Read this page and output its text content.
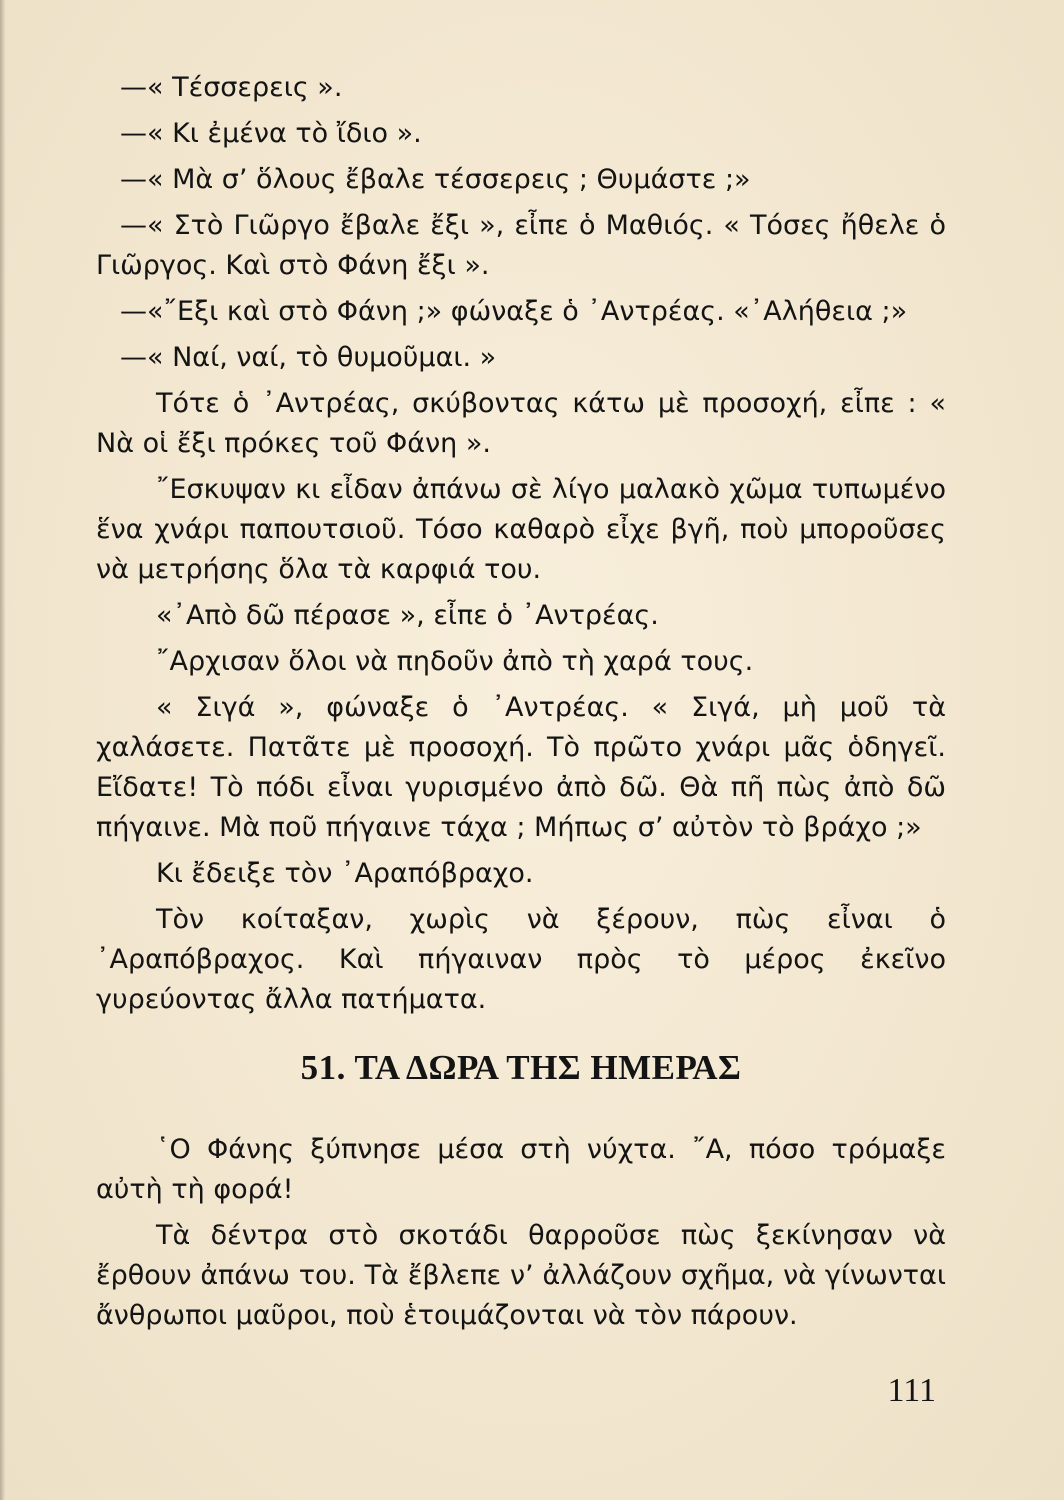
—« Τέσσερεις ».

—« Κι ἐμένα τὸ ἴδιο ».

—« Μὰ σ’ ὅλους ἔβαλε τέσσερεις ; Θυμάστε ;»

—« Στὸ Γιῶργο ἔβαλε ἔξι », εἶπε ὁ Μαθιός. « Τόσες ἤθελε ὁ Γιῶργος. Καὶ στὸ Φάνη ἔξι ».

—«῎Εξι καὶ στὸ Φάνη ;» φώναξε ὁ ᾽Αντρέας. «᾽Αλήθεια ;»

—« Ναί, ναί, τὸ θυμοῦμαι. »

Τότε ὁ ᾽Αντρέας, σκύβοντας κάτω μὲ προσοχή, εἶπε : « Νὰ οἱ ἔξι πρόκες τοῦ Φάνη ».

῎Εσκυψαν κι εἶδαν ἀπάνω σὲ λίγο μαλακὸ χῶμα τυπωμένο ἕνα χνάρι παπουτσιοῦ. Τόσο καθαρὸ εἶχε βγῆ, ποὺ μποροῦσες νὰ μετρήσης ὅλα τὰ καρφιά του.

«᾽Απὸ δῶ πέρασε », εἶπε ὁ ᾽Αντρέας.

῎Αρχισαν ὅλοι νὰ πηδοῦν ἀπὸ τὴ χαρά τους.

« Σιγά », φώναξε ὁ ᾽Αντρέας. « Σιγά, μὴ μοῦ τὰ χαλάσετε. Πατᾶτε μὲ προσοχή. Τὸ πρῶτο χνάρι μᾶς ὁδηγεῖ. Εἴδατε! Τὸ πόδι εἶναι γυρισμένο ἀπὸ δῶ. Θὰ πῆ πὼς ἀπὸ δῶ πήγαινε. Μὰ ποῦ πήγαινε τάχα ; Μήπως σ’ αὐτὸν τὸ βράχο ;»

Κι ἔδειξε τὸν ᾽Αραπόβραχο.

Τὸν κοίταξαν, χωρὶς νὰ ξέρουν, πὼς εἶναι ὁ ᾽Αραπόβραχος. Καὶ πήγαιναν πρὸς τὸ μέρος ἐκεῖνο γυρεύοντας ἄλλα πατήματα.

51. ΤΑ ΔΩΡΑ ΤΗΣ ΗΜΕΡΑΣ

῾Ο Φάνης ξύπνησε μέσα στὴ νύχτα. ῎Α, πόσο τρόμαξε αὐτὴ τὴ φορά!

Τὰ δέντρα στὸ σκοτάδι θαρροῦσε πὼς ξεκίνησαν νὰ ἔρθουν ἀπάνω του. Τὰ ἔβλεπε ν’ ἀλλάζουν σχῆμα, νὰ γίνωνται ἄνθρωποι μαῦροι, ποὺ ἑτοιμάζονται νὰ τὸν πάρουν.

111
